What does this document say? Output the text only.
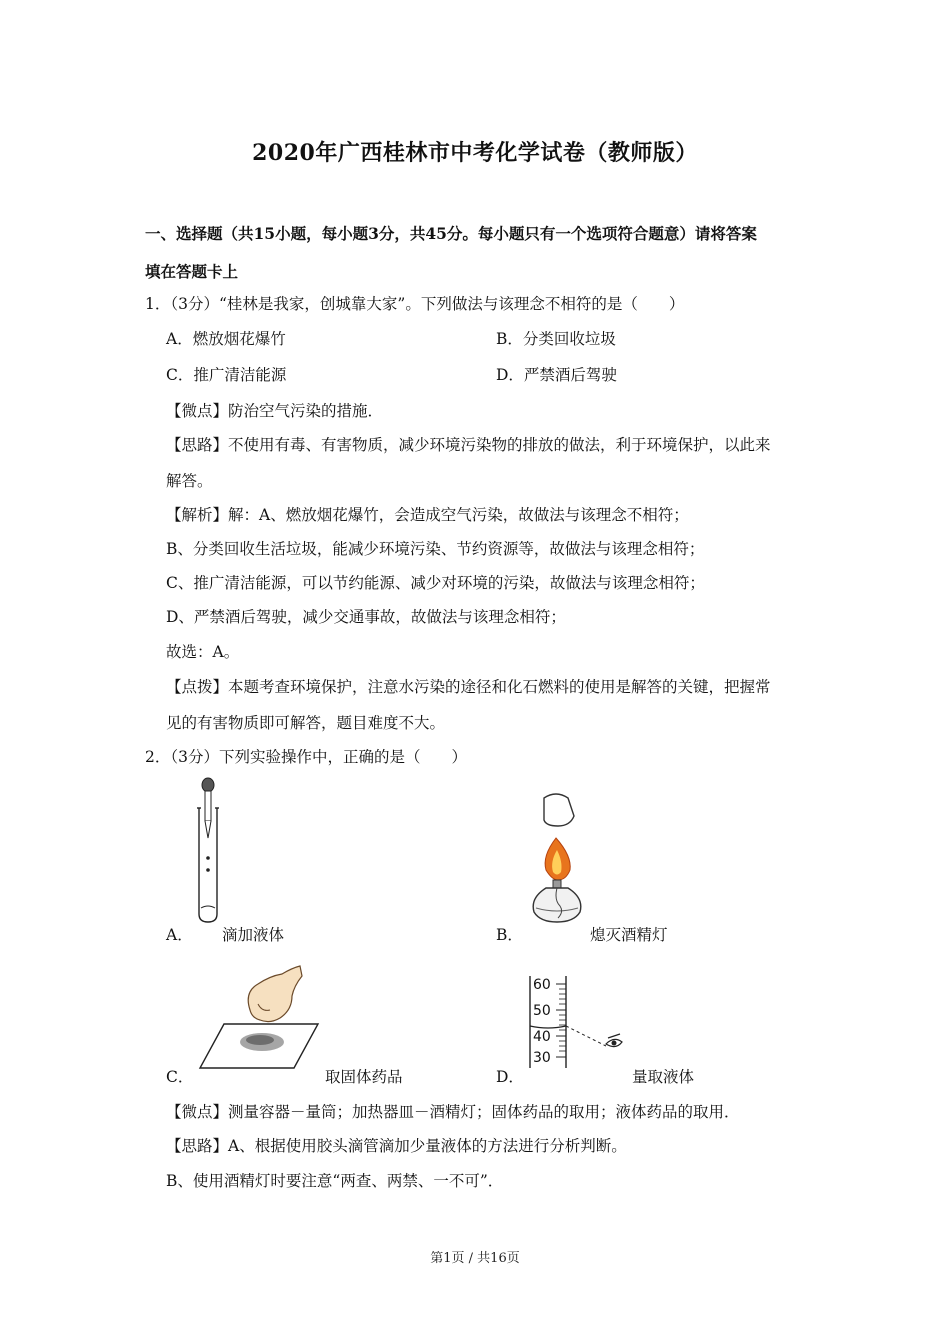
2020年广西桂林市中考化学试卷（教师版）
一、选择题（共15小题，每小题3分，共45分。每小题只有一个选项符合题意）请将答案
填在答题卡上
1．（3分）“桂林是我家，创城靠大家”。下列做法与该理念不相符的是（　　）
A．燃放烟花爆竹	B．分类回收垃圾
C．推广清洁能源	D．严禁酒后驾驶
【微点】防治空气污染的措施．
【思路】不使用有毒、有害物质，减少环境污染物的排放的做法，利于环境保护，以此来
解答。
【解析】解：A、燃放烟花爆竹，会造成空气污染，故做法与该理念不相符；
B、分类回收生活垃圾，能减少环境污染、节约资源等，故做法与该理念相符；
C、推广清洁能源，可以节约能源、减少对环境的污染，故做法与该理念相符；
D、严禁酒后驾驶，减少交通事故，故做法与该理念相符；
故选：A。
【点拨】本题考查环境保护，注意水污染的途径和化石燃料的使用是解答的关键，把握常
见的有害物质即可解答，题目难度不大。
2．（3分）下列实验操作中，正确的是（　　）
A． 滴加液体	B．	熄灭酒精灯
C．	取固体药品
60
50
40
30
D．	量取液体
【微点】测量容器－量筒；加热器皿－酒精灯；固体药品的取用；液体药品的取用．
【思路】A、根据使用胶头滴管滴加少量液体的方法进行分析判断。
B、使用酒精灯时要注意“两查、两禁、一不可”．
第1页 / 共16页
